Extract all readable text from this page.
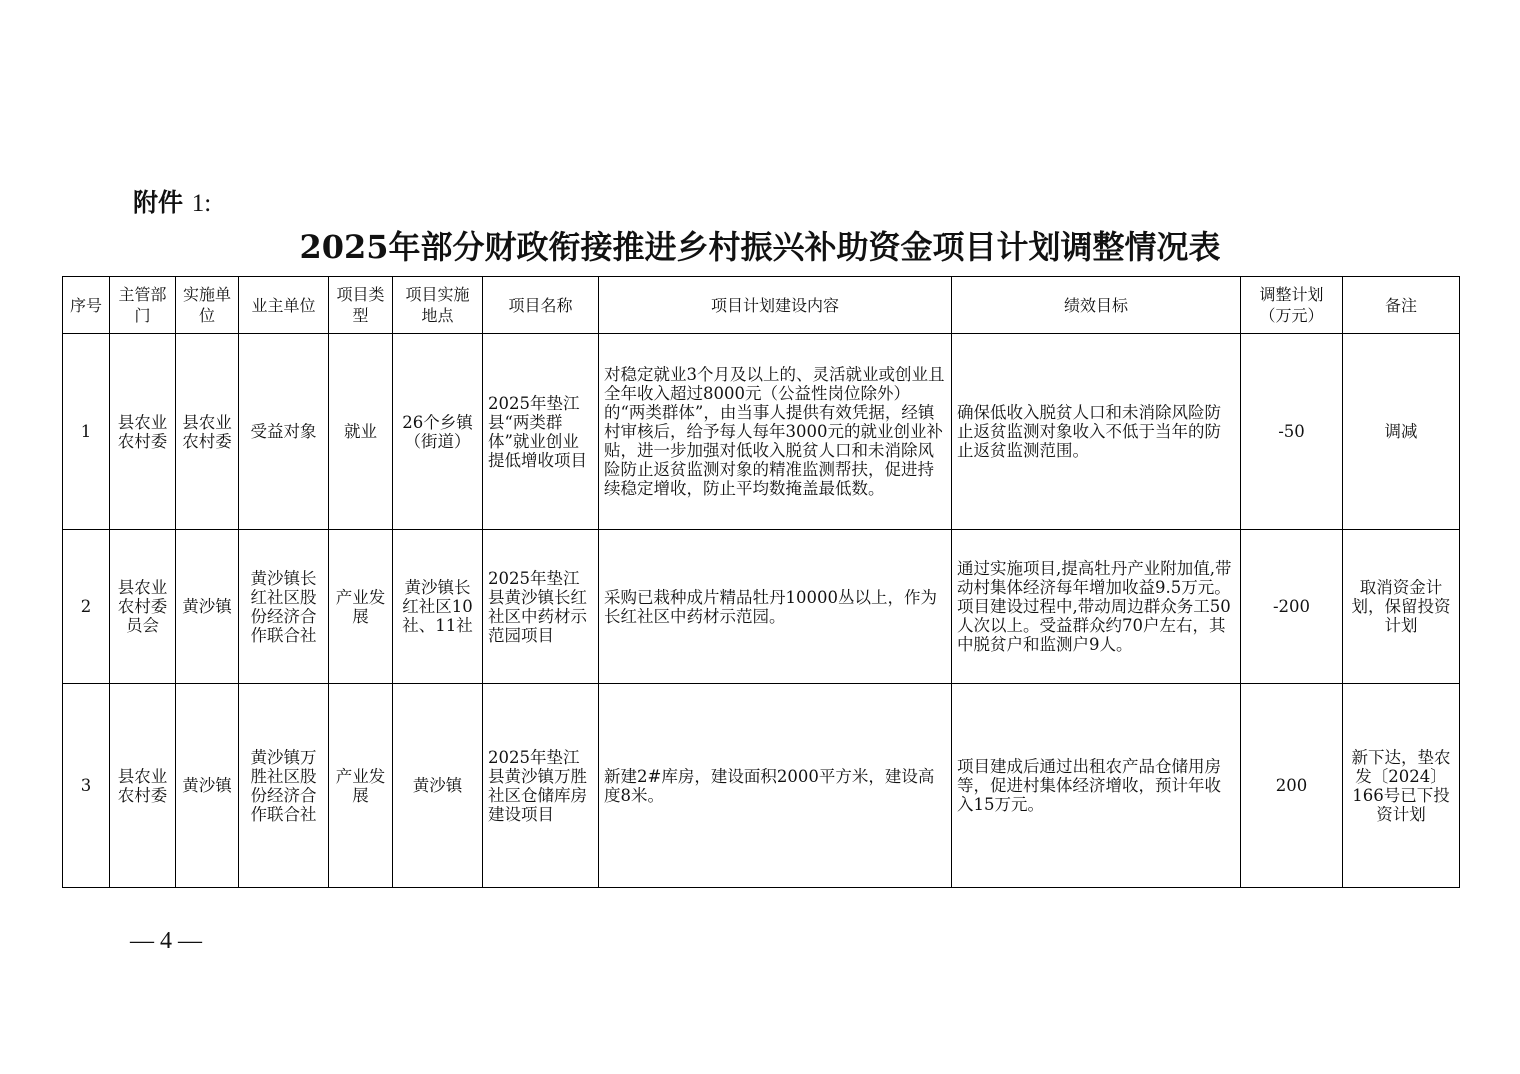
附件 1:
2025年部分财政衔接推进乡村振兴补助资金项目计划调整情况表
序号	主管部门	实施单位	业主单位	项目类型	项目实施地点	项目名称	项目计划建设内容	绩效目标	调整计划（万元）	备注
1	县农业农村委	县农业农村委	受益对象	就业	26个乡镇（街道）	2025年垫江县“两类群体”就业创业提低增收项目	对稳定就业3个月及以上的、灵活就业或创业且全年收入超过8000元（公益性岗位除外）的“两类群体”，由当事人提供有效凭据，经镇村审核后，给予每人每年3000元的就业创业补贴，进一步加强对低收入脱贫人口和未消除风险防止返贫监测对象的精准监测帮扶，促进持续稳定增收，防止平均数掩盖最低数。	确保低收入脱贫人口和未消除风险防止返贫监测对象收入不低于当年的防止返贫监测范围。	-50	调减
2	县农业农村委员会	黄沙镇	黄沙镇长红社区股份经济合作联合社	产业发展	黄沙镇长红社区10社、11社	2025年垫江县黄沙镇长红社区中药材示范园项目	采购已栽种成片精品牡丹10000丛以上，作为长红社区中药材示范园。	通过实施项目,提高牡丹产业附加值,带动村集体经济每年增加收益9.5万元。项目建设过程中,带动周边群众务工50人次以上。受益群众约70户左右，其中脱贫户和监测户9人。	-200	取消资金计划，保留投资计划
3	县农业农村委	黄沙镇	黄沙镇万胜社区股份经济合作联合社	产业发展	黄沙镇	2025年垫江县黄沙镇万胜社区仓储库房建设项目	新建2#库房，建设面积2000平方米，建设高度8米。	项目建成后通过出租农产品仓储用房等，促进村集体经济增收，预计年收入15万元。	200	新下达，垫农发〔2024〕166号已下投资计划
— 4 —
